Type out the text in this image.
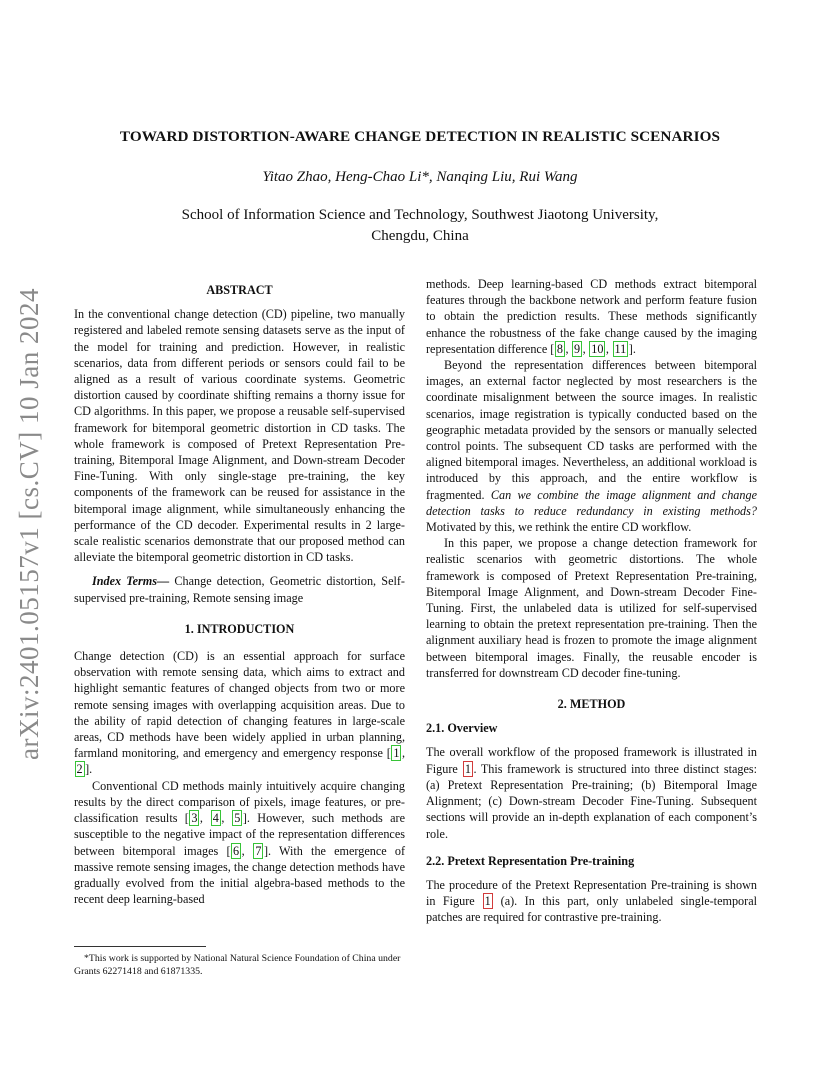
arXiv:2401.05157v1 [cs.CV] 10 Jan 2024
TOWARD DISTORTION-AWARE CHANGE DETECTION IN REALISTIC SCENARIOS
Yitao Zhao, Heng-Chao Li*, Nanqing Liu, Rui Wang
School of Information Science and Technology, Southwest Jiaotong University,
Chengdu, China
ABSTRACT

In the conventional change detection (CD) pipeline, two manually registered and labeled remote sensing datasets serve as the input of the model for training and prediction. However, in realistic scenarios, data from different periods or sensors could fail to be aligned as a result of various coordinate systems. Geometric distortion caused by coordinate shifting remains a thorny issue for CD algorithms. In this paper, we propose a reusable self-supervised framework for bitemporal geometric distortion in CD tasks. The whole framework is composed of Pretext Representation Pre-training, Bitemporal Image Alignment, and Down-stream Decoder Fine-Tuning. With only single-stage pre-training, the key components of the framework can be reused for assistance in the bitemporal image alignment, while simultaneously enhancing the performance of the CD decoder. Experimental results in 2 large-scale realistic scenarios demonstrate that our proposed method can alleviate the bitemporal geometric distortion in CD tasks.

Index Terms— Change detection, Geometric distortion, Self-supervised pre-training, Remote sensing image

1. INTRODUCTION

Change detection (CD) is an essential approach for surface observation with remote sensing data, which aims to extract and highlight semantic features of changed objects from two or more remote sensing images with overlapping acquisition areas. Due to the ability of rapid detection of changing features in large-scale areas, CD methods have been widely applied in urban planning, farmland monitoring, and emergency and emergency response [ 1 , 2 ].

Conventional CD methods mainly intuitively acquire changing results by the direct comparison of pixels, image features, or pre-classification results [ 3 , 4 , 5 ]. However, such methods are susceptible to the negative impact of the representation differences between bitemporal images [ 6 , 7 ]. With the emergence of massive remote sensing images, the change detection methods have gradually evolved from the initial algebra-based methods to the recent deep learning-based

methods. Deep learning-based CD methods extract bitemporal features through the backbone network and perform feature fusion to obtain the prediction results. These methods significantly enhance the robustness of the fake change caused by the imaging representation difference [ 8 , 9 , 10 , 11 ].

Beyond the representation differences between bitemporal images, an external factor neglected by most researchers is the coordinate misalignment between the source images. In realistic scenarios, image registration is typically conducted based on the geographic metadata provided by the sensors or manually selected control points. The subsequent CD tasks are performed with the aligned bitemporal images. Nevertheless, an additional workload is introduced by this approach, and the entire workflow is fragmented. Can we combine the image alignment and change detection tasks to reduce redundancy in existing methods? Motivated by this, we rethink the entire CD workflow.

In this paper, we propose a change detection framework for realistic scenarios with geometric distortions. The whole framework is composed of Pretext Representation Pre-training, Bitemporal Image Alignment, and Down-stream Decoder Fine-Tuning. First, the unlabeled data is utilized for self-supervised learning to obtain the pretext representation pre-training. Then the alignment auxiliary head is frozen to promote the image alignment between bitemporal images. Finally, the reusable encoder is transferred for downstream CD decoder fine-tuning.

2. METHOD
2.1. Overview

The overall workflow of the proposed framework is illustrated in Figure 1 . This framework is structured into three distinct stages: (a) Pretext Representation Pre-training; (b) Bitemporal Image Alignment; (c) Down-stream Decoder Fine-Tuning. Subsequent sections will provide an in-depth explanation of each component’s role.

2.2. Pretext Representation Pre-training

The procedure of the Pretext Representation Pre-training is shown in Figure 1 (a). In this part, only unlabeled single-temporal patches are required for contrastive pre-training.

*This work is supported by National Natural Science Foundation of China under Grants 62271418 and 61871335.
